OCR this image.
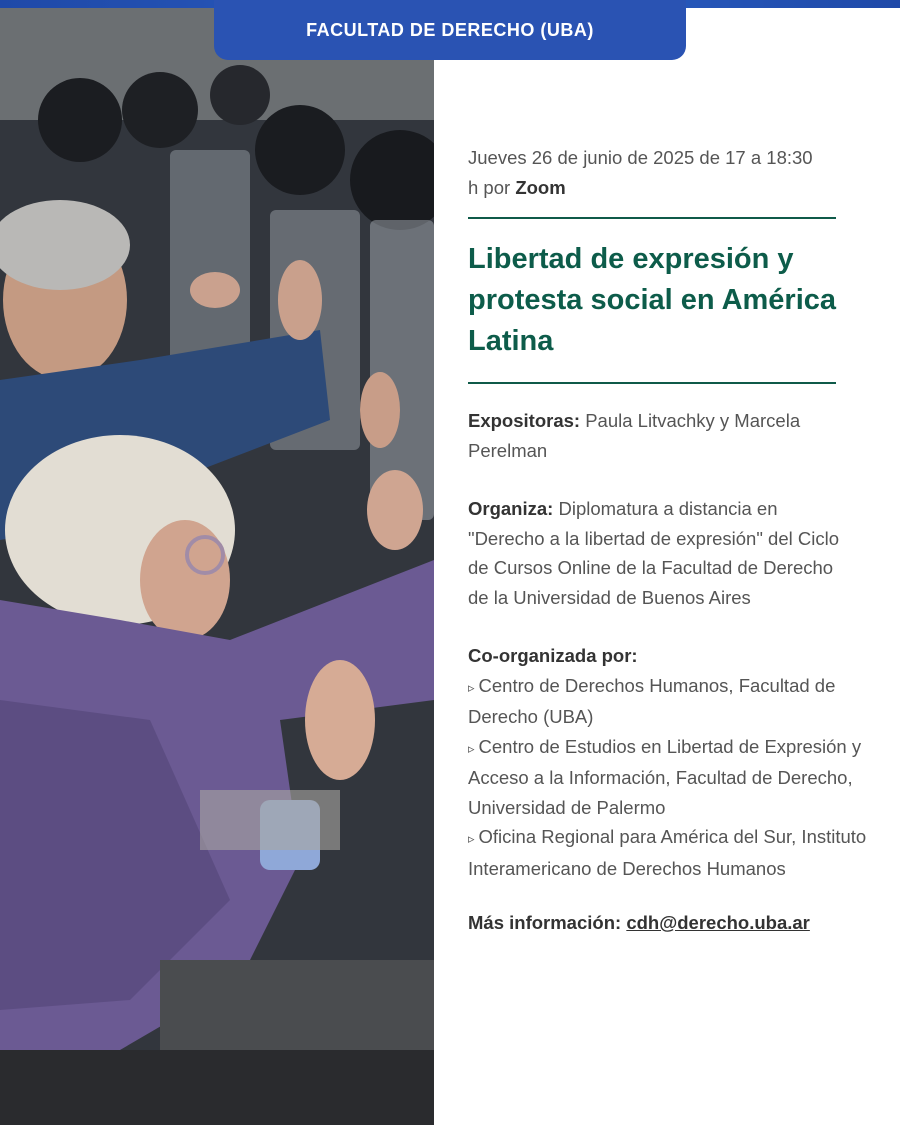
FACULTAD DE DERECHO (UBA)

Jueves 26 de junio de 2025 de 17 a 18:30 h por Zoom

Libertad de expresión y protesta social en América Latina

Expositoras: Paula Litvachky y Marcela Perelman

Organiza: Diplomatura a distancia en "Derecho a la libertad de expresión" del Ciclo de Cursos Online de la Facultad de Derecho de la Universidad de Buenos Aires

Co-organizada por:
▹ Centro de Derechos Humanos, Facultad de Derecho (UBA)
▹ Centro de Estudios en Libertad de Expresión y Acceso a la Información, Facultad de Derecho, Universidad de Palermo
▹ Oficina Regional para América del Sur, Instituto Interamericano de Derechos Humanos

Más información: cdh@derecho.uba.ar
